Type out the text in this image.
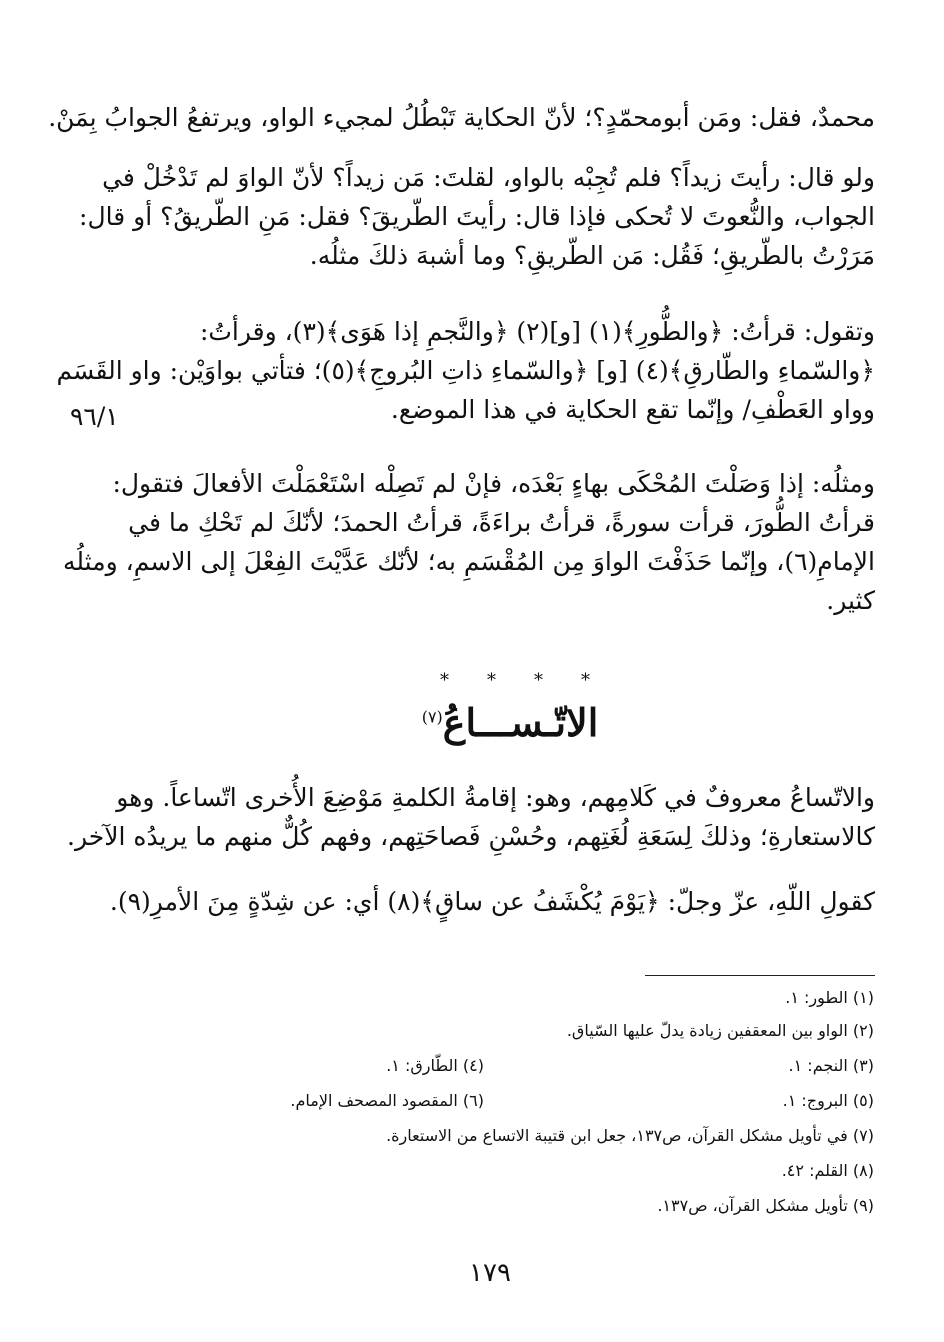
محمدٌ، فقل: ومَن أبومحمّدٍ؟؛ لأنّ الحكاية تَبْطُلُ لمجيء الواو، ويرتفعُ الجوابُ بِمَنْ.
ولو قال: رأيتَ زيداً؟ فلم تُجِبْه بالواو، لقلتَ: مَن زيداً؟ لأنّ الواوَ لم تَدْخُلْ في
الجواب، والنُّعوتَ لا تُحكى فإذا قال: رأيتَ الطّريقَ؟ فقل: مَنِ الطّريقُ؟ أو قال:
مَرَرْتُ بالطّريقِ؛ فَقُل: مَن الطّريقِ؟ وما أشبهَ ذلكَ مثلُه.
وتقول: قرأتُ: ﴿والطُّورِ﴾(١) [و](٢) ﴿والنَّجمِ إذا هَوَى﴾(٣)، وقرأتُ:
﴿والسّماءِ والطّارقِ﴾(٤) [و] ﴿والسّماءِ ذاتِ البُروجِ﴾(٥)؛ فتأتي بواوَيْن: واو القَسَم
وواو العَطْفِ/ وإنّما تقع الحكاية في هذا الموضع.
٩٦/١
ومثلُه: إذا وَصَلْتَ المُحْكَى بهاءٍ بَعْدَه، فإنْ لم تَصِلْه اسْتَعْمَلْتَ الأفعالَ فتقول:
قرأتُ الطُّورَ، قرأت سورةً، قرأتُ براءَةً، قرأتُ الحمدَ؛ لأنّكَ لم تَحْكِ ما في
الإمامِ(٦)، وإنّما حَذَفْتَ الواوَ مِن المُقْسَمِ به؛ لأنّك عَدَّيْتَ الفِعْلَ إلى الاسمِ، ومثلُه
كثير.
* * * *
الاتّـســـاعُ$^{(٧)}$
والاتّساعُ معروفٌ في كَلامِهم، وهو: إقامةُ الكلمةِ مَوْضِعَ الأُخرى اتّساعاً. وهو
كالاستعارةِ؛ وذلكَ لِسَعَةِ لُغَتِهم، وحُسْنِ فَصاحَتِهم، وفهم كُلٌّ منهم ما يريدُه الآخر.
كقولِ اللّهِ، عزّ وجلّ: ﴿يَوْمَ يُكْشَفُ عن ساقٍ﴾(٨) أي: عن شِدّةٍ مِنَ الأمرِ(٩).
(١) الطور: ١.
(٢) الواو بين المعقفين زيادة يدلّ عليها السّياق.
(٣) النجم: ١.
(٤) الطّارق: ١.
(٥) البروج: ١.
(٦) المقصود المصحف الإمام.
(٧) في تأويل مشكل القرآن، ص١٣٧، جعل ابن قتيبة الاتساع من الاستعارة.
(٨) القلم: ٤٢.
(٩) تأويل مشكل القرآن، ص١٣٧.
١٧٩
